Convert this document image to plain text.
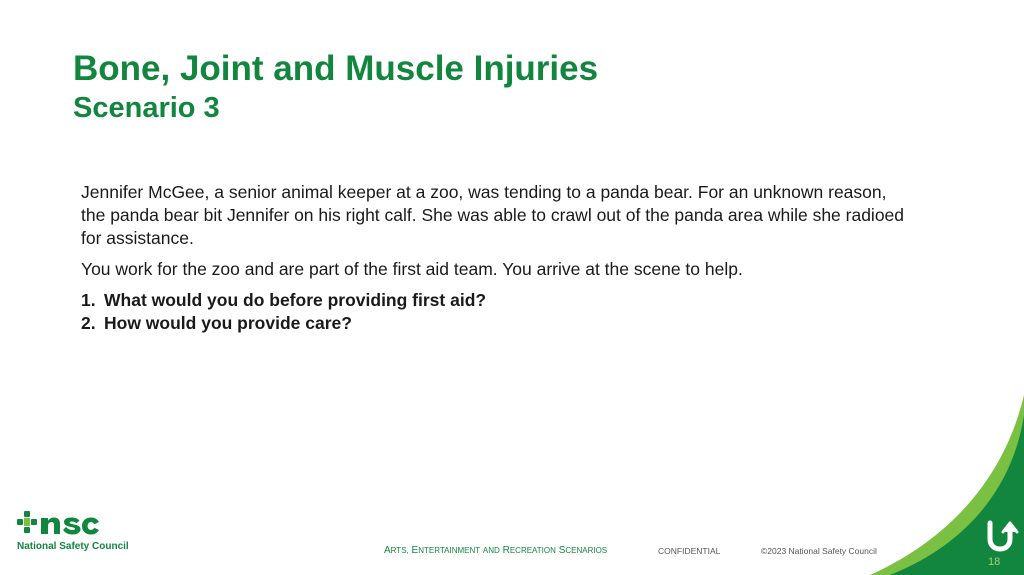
Bone, Joint and Muscle Injuries
Scenario 3

Jennifer McGee, a senior animal keeper at a zoo, was tending to a panda bear. For an unknown reason, the panda bear bit Jennifer on his right calf. She was able to crawl out of the panda area while she radioed for assistance.

You work for the zoo and are part of the first aid team. You arrive at the scene to help.

1. What would you do before providing first aid?
2. How would you provide care?
National Safety Council	ARTS, ENTERTAINMENT AND RECREATION SCENARIOS	CONFIDENTIAL	©2023 National Safety Council
18
